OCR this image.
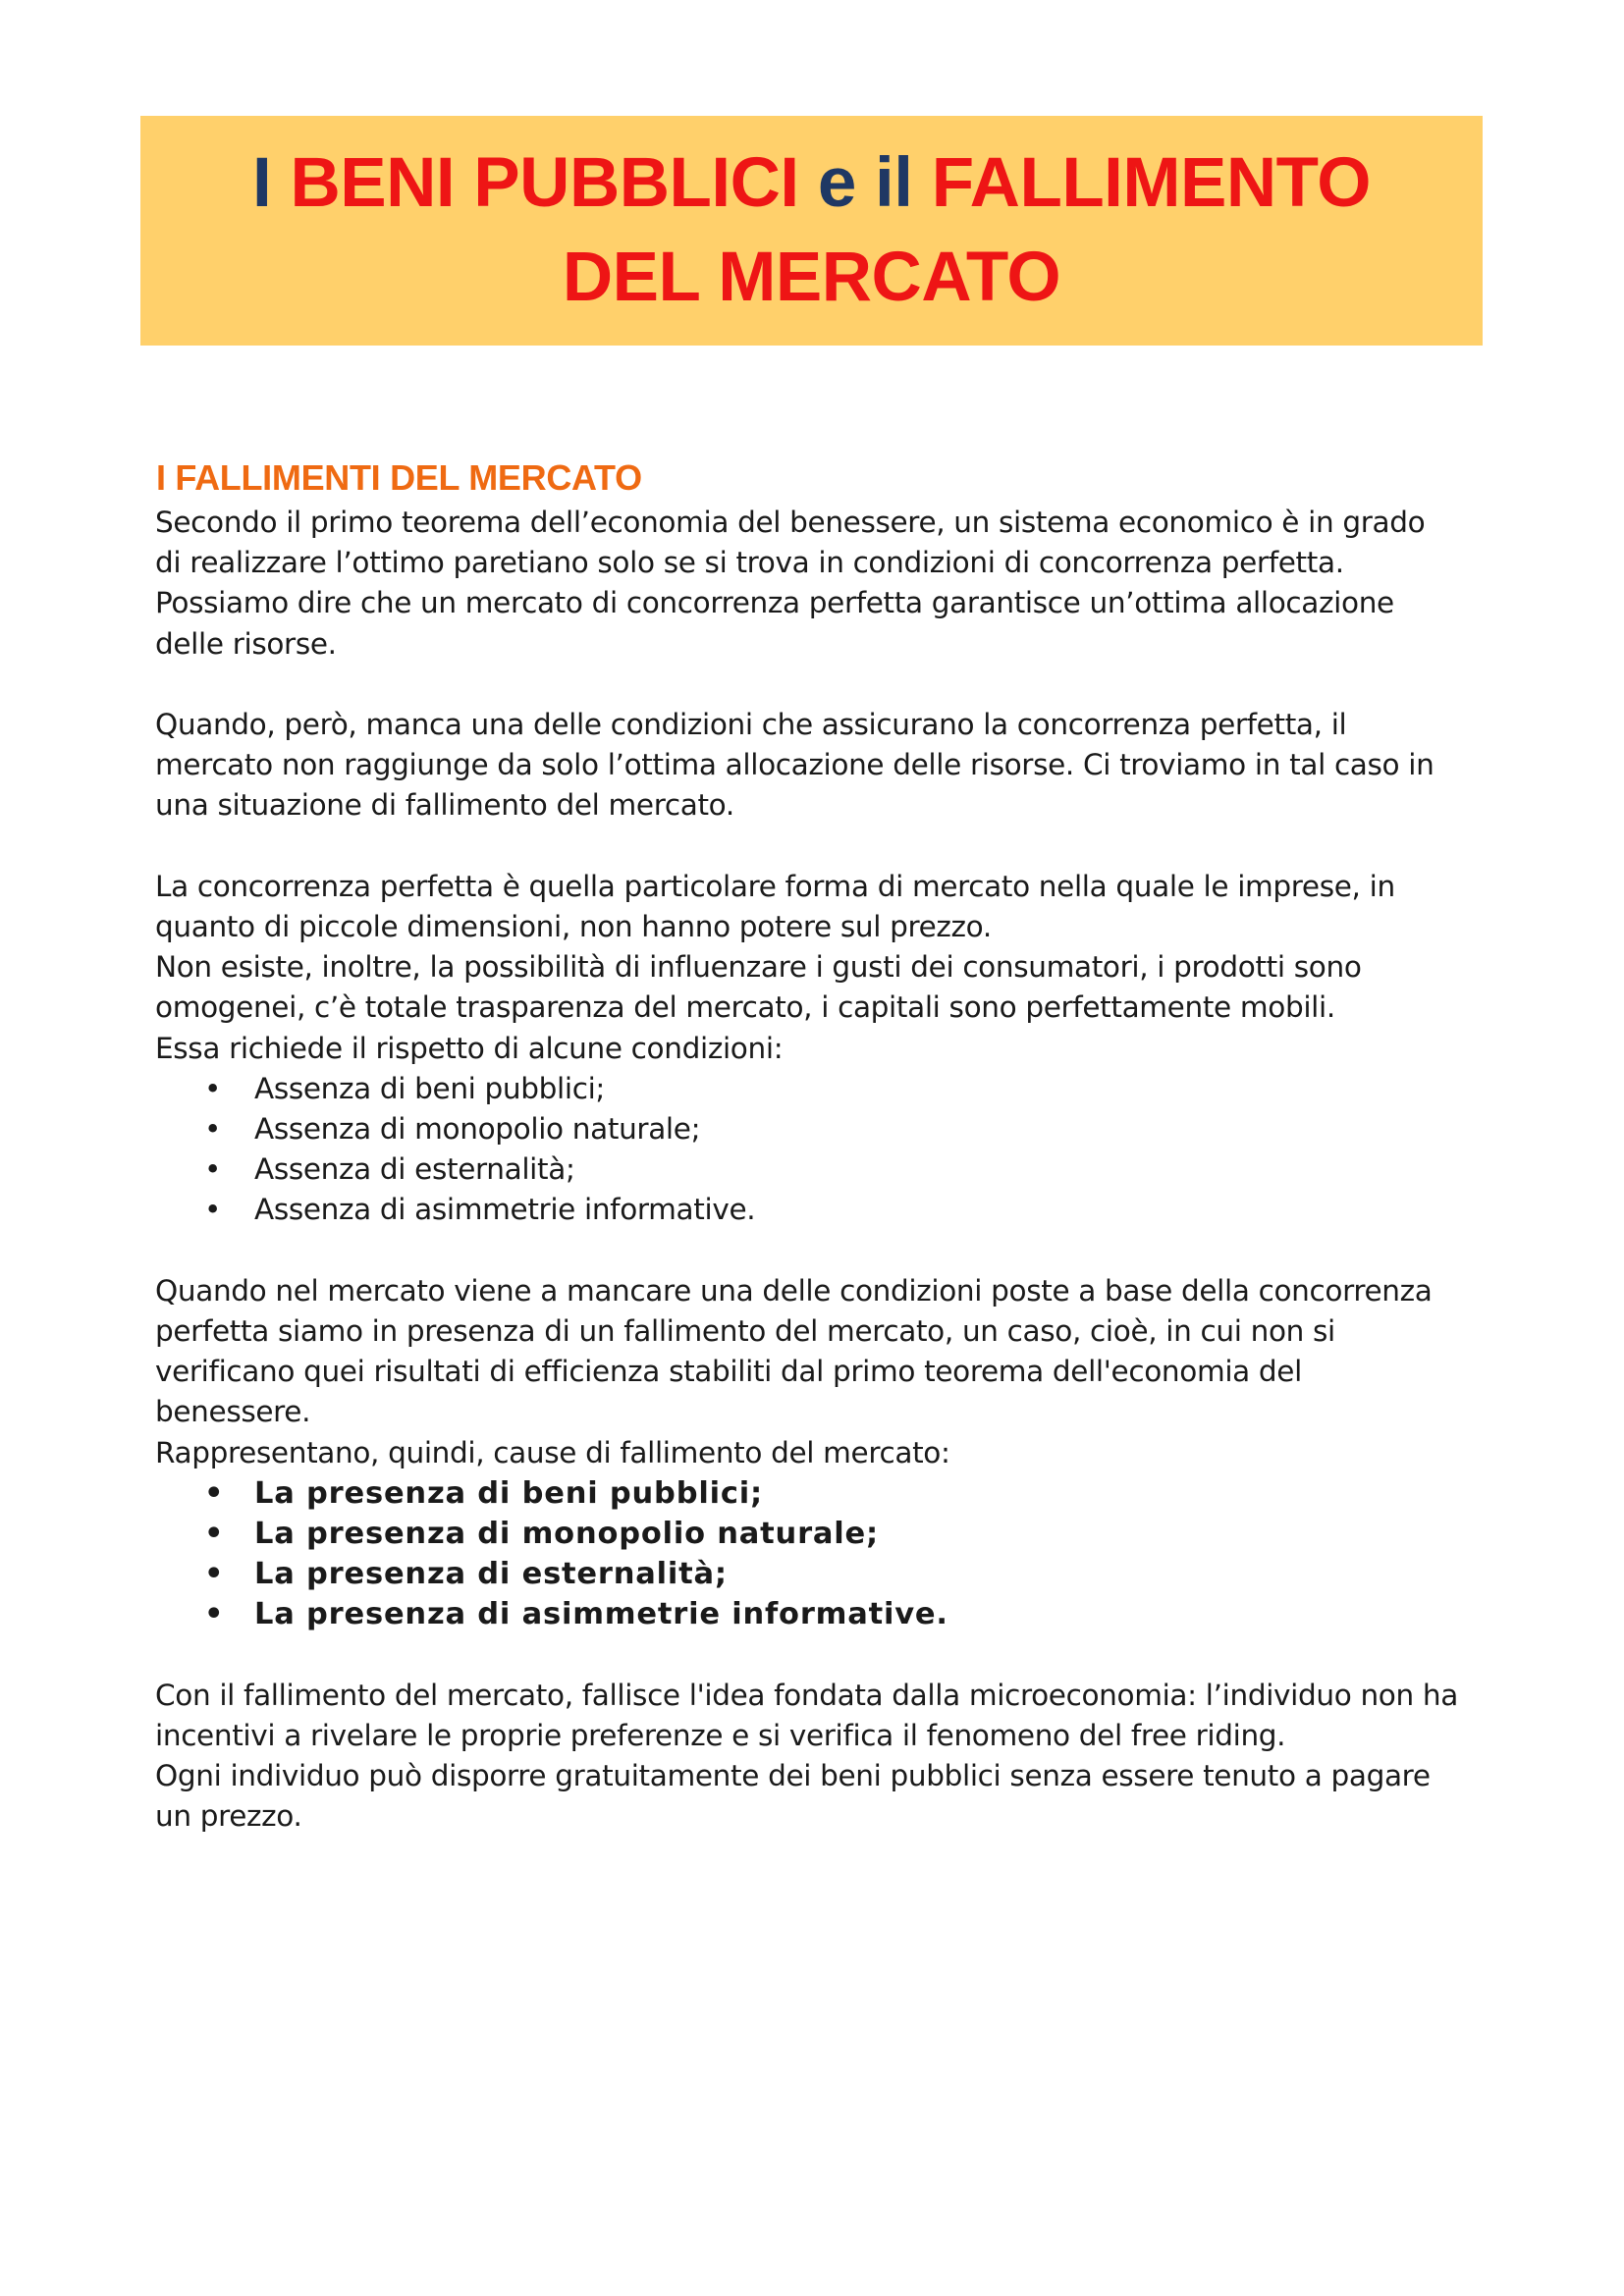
I BENI PUBBLICI e il FALLIMENTO DEL MERCATO
I FALLIMENTI DEL MERCATO

Secondo il primo teorema dell’economia del benessere, un sistema economico è in grado

di realizzare l’ottimo paretiano solo se si trova in condizioni di concorrenza perfetta.

Possiamo dire che un mercato di concorrenza perfetta garantisce un’ottima allocazione

delle risorse.

Quando, però, manca una delle condizioni che assicurano la concorrenza perfetta, il

mercato non raggiunge da solo l’ottima allocazione delle risorse. Ci troviamo in tal caso in

una situazione di fallimento del mercato.

La concorrenza perfetta è quella particolare forma di mercato nella quale le imprese, in

quanto di piccole dimensioni, non hanno potere sul prezzo.

Non esiste, inoltre, la possibilità di influenzare i gusti dei consumatori, i prodotti sono

omogenei, c’è totale trasparenza del mercato, i capitali sono perfettamente mobili.

Essa richiede il rispetto di alcune condizioni:

• Assenza di beni pubblici;
• Assenza di monopolio naturale;
• Assenza di esternalità;
• Assenza di asimmetrie informative.

Quando nel mercato viene a mancare una delle condizioni poste a base della concorrenza

perfetta siamo in presenza di un fallimento del mercato, un caso, cioè, in cui non si

verificano quei risultati di efficienza stabiliti dal primo teorema dell'economia del

benessere.

Rappresentano, quindi, cause di fallimento del mercato:

• La presenza di beni pubblici;
• La presenza di monopolio naturale;
• La presenza di esternalità;
• La presenza di asimmetrie informative.

Con il fallimento del mercato, fallisce l'idea fondata dalla microeconomia: l’individuo non ha

incentivi a rivelare le proprie preferenze e si verifica il fenomeno del free riding.

Ogni individuo può disporre gratuitamente dei beni pubblici senza essere tenuto a pagare

un prezzo.
